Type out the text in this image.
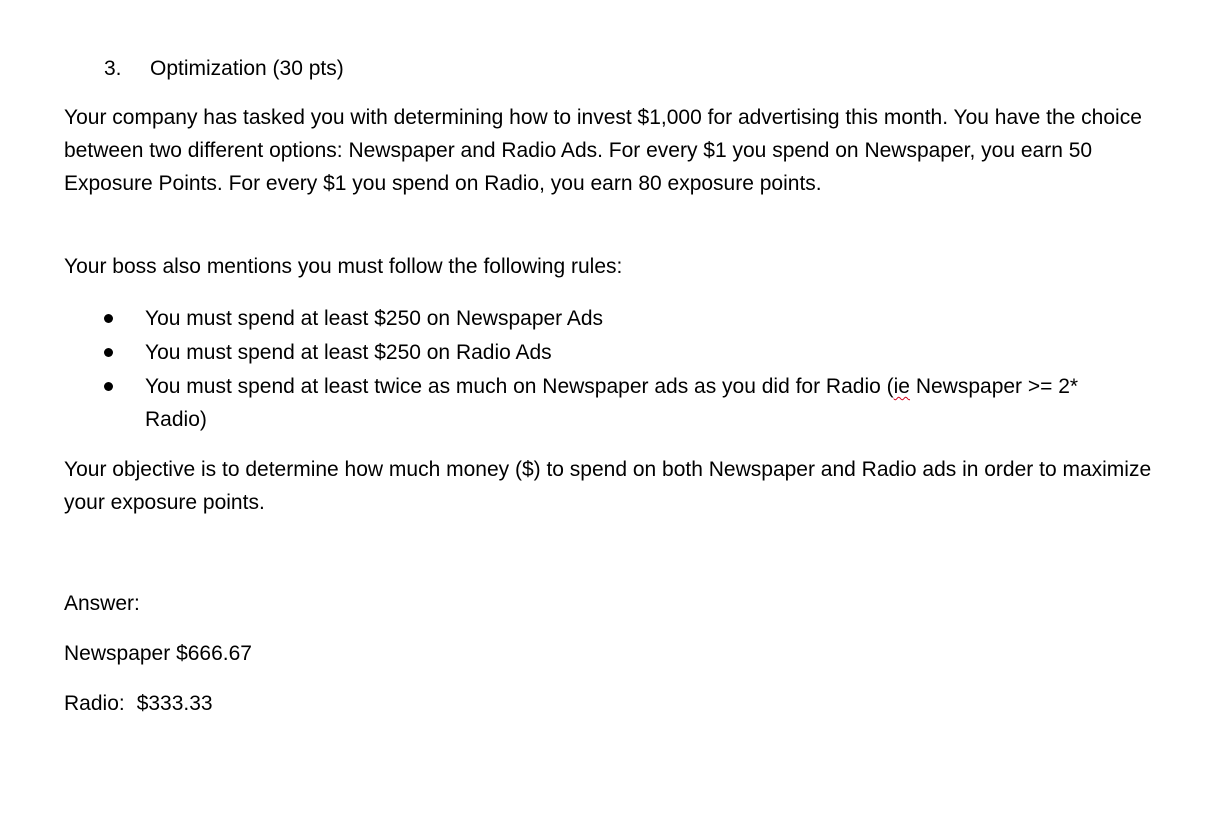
3. Optimization (30 pts)

Your company has tasked you with determining how to invest $1,000 for advertising this month. You have the choice between two different options: Newspaper and Radio Ads. For every $1 you spend on Newspaper, you earn 50 Exposure Points. For every $1 you spend on Radio, you earn 80 exposure points.

Your boss also mentions you must follow the following rules:

You must spend at least $250 on Newspaper Ads
You must spend at least $250 on Radio Ads
You must spend at least twice as much on Newspaper ads as you did for Radio (ie Newspaper >= 2* Radio)

Your objective is to determine how much money ($) to spend on both Newspaper and Radio ads in order to maximize your exposure points.

Answer:
Newspaper $666.67
Radio: $333.33
